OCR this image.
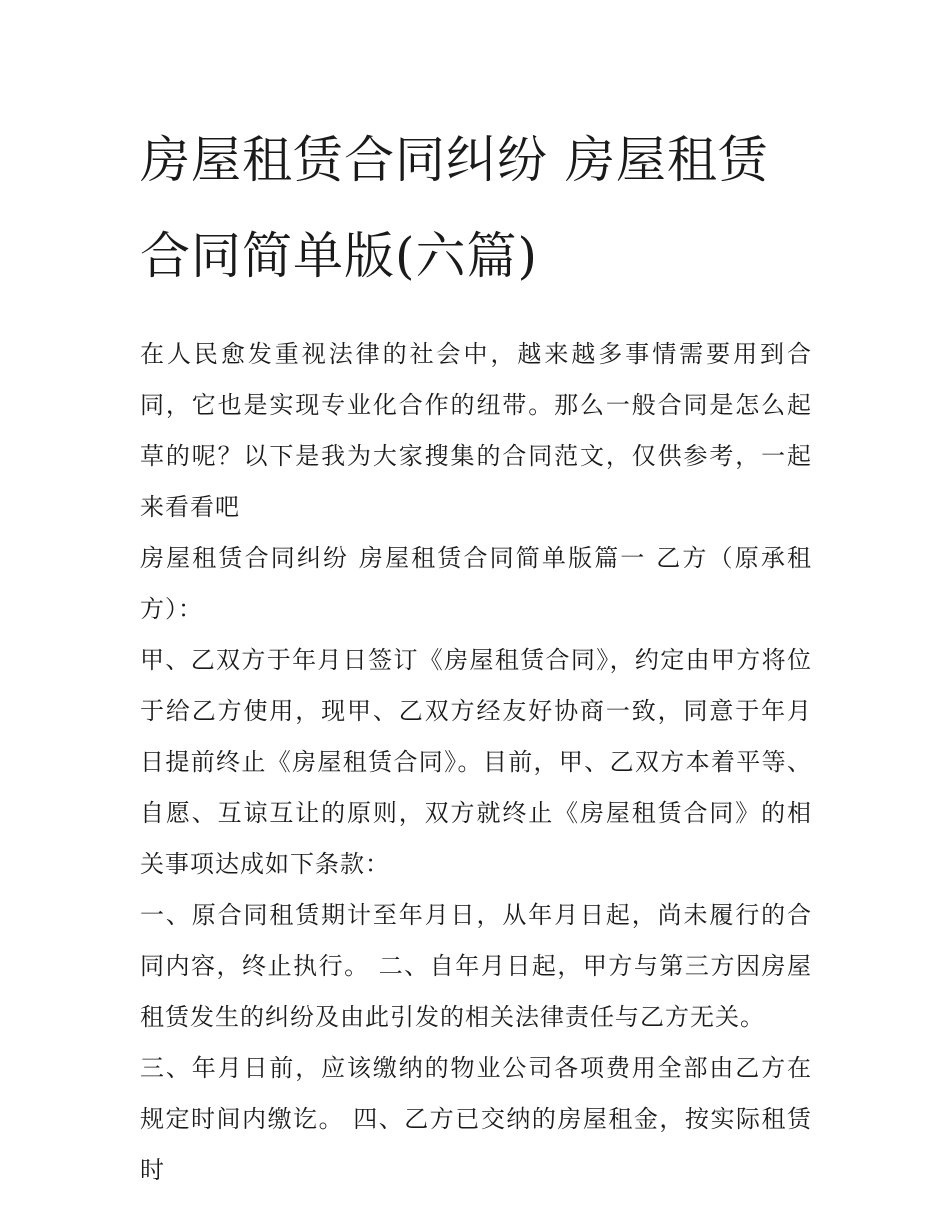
房屋租赁合同纠纷 房屋租赁合同简单版(六篇)

在人民愈发重视法律的社会中，越来越多事情需要用到合同，它也是实现专业化合作的纽带。那么一般合同是怎么起草的呢？以下是我为大家搜集的合同范文，仅供参考，一起来看看吧

房屋租赁合同纠纷 房屋租赁合同简单版篇一 乙方（原承租方）：

甲、乙双方于年月日签订《房屋租赁合同》，约定由甲方将位于给乙方使用，现甲、乙双方经友好协商一致，同意于年月日提前终止《房屋租赁合同》。目前，甲、乙双方本着平等、自愿、互谅互让的原则，双方就终止《房屋租赁合同》的相关事项达成如下条款：

一、原合同租赁期计至年月日，从年月日起，尚未履行的合同内容，终止执行。 二、自年月日起，甲方与第三方因房屋租赁发生的纠纷及由此引发的相关法律责任与乙方无关。

三、年月日前，应该缴纳的物业公司各项费用全部由乙方在规定时间内缴讫。 四、乙方已交纳的房屋租金，按实际租赁时
